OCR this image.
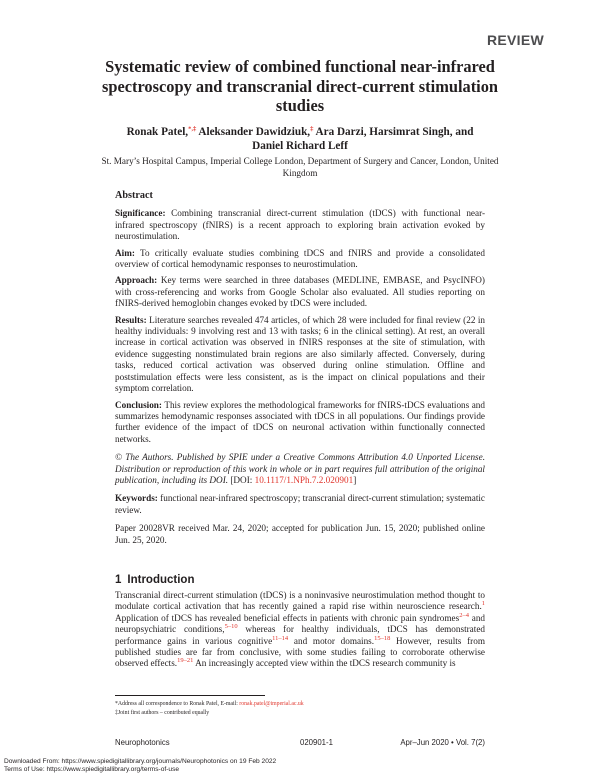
REVIEW
Systematic review of combined functional near-infrared spectroscopy and transcranial direct-current stimulation studies
Ronak Patel,*,‡ Aleksander Dawidziuk,‡ Ara Darzi, Harsimrat Singh, and
Daniel Richard Leff
St. Mary’s Hospital Campus, Imperial College London, Department of Surgery and Cancer, London, United Kingdom
Abstract

Significance: Combining transcranial direct-current stimulation (tDCS) with functional near-infrared spectroscopy (fNIRS) is a recent approach to exploring brain activation evoked by neurostimulation.

Aim: To critically evaluate studies combining tDCS and fNIRS and provide a consolidated overview of cortical hemodynamic responses to neurostimulation.

Approach: Key terms were searched in three databases (MEDLINE, EMBASE, and PsycINFO) with cross-referencing and works from Google Scholar also evaluated. All studies reporting on fNIRS-derived hemoglobin changes evoked by tDCS were included.

Results: Literature searches revealed 474 articles, of which 28 were included for final review (22 in healthy individuals: 9 involving rest and 13 with tasks; 6 in the clinical setting). At rest, an overall increase in cortical activation was observed in fNIRS responses at the site of stimulation, with evidence suggesting nonstimulated brain regions are also similarly affected. Conversely, during tasks, reduced cortical activation was observed during online stimulation. Offline and poststimulation effects were less consistent, as is the impact on clinical populations and their symptom correlation.

Conclusion: This review explores the methodological frameworks for fNIRS-tDCS evaluations and summarizes hemodynamic responses associated with tDCS in all populations. Our findings provide further evidence of the impact of tDCS on neuronal activation within functionally connected networks.

© The Authors. Published by SPIE under a Creative Commons Attribution 4.0 Unported License. Distribution or reproduction of this work in whole or in part requires full attribution of the original publication, including its DOI. [DOI: 10.1117/1.NPh.7.2.020901]

Keywords: functional near-infrared spectroscopy; transcranial direct-current stimulation; systematic review.

Paper 20028VR received Mar. 24, 2020; accepted for publication Jun. 15, 2020; published online Jun. 25, 2020.

1 Introduction

Transcranial direct-current stimulation (tDCS) is a noninvasive neurostimulation method thought to modulate cortical activation that has recently gained a rapid rise within neuroscience research.$^1$ Application of tDCS has revealed beneficial effects in patients with chronic pain syndromes$^{2-4}$ and neuropsychiatric conditions,$^{5-10}$ whereas for healthy individuals, tDCS has demonstrated performance gains in various cognitive$^{11-14}$ and motor domains.$^{15-18}$ However, results from published studies are far from conclusive, with some studies failing to corroborate otherwise observed effects.$^{19-21}$ An increasingly accepted view within the tDCS research community is

*Address all correspondence to Ronak Patel, E-mail: ronak.patel@imperial.ac.uk
‡Joint first authors – contributed equally
Neurophotonics	020901-1	Apr–Jun 2020 • Vol. 7(2)
Downloaded From: https://www.spiedigitallibrary.org/journals/Neurophotonics on 19 Feb 2022
Terms of Use: https://www.spiedigitallibrary.org/terms-of-use
